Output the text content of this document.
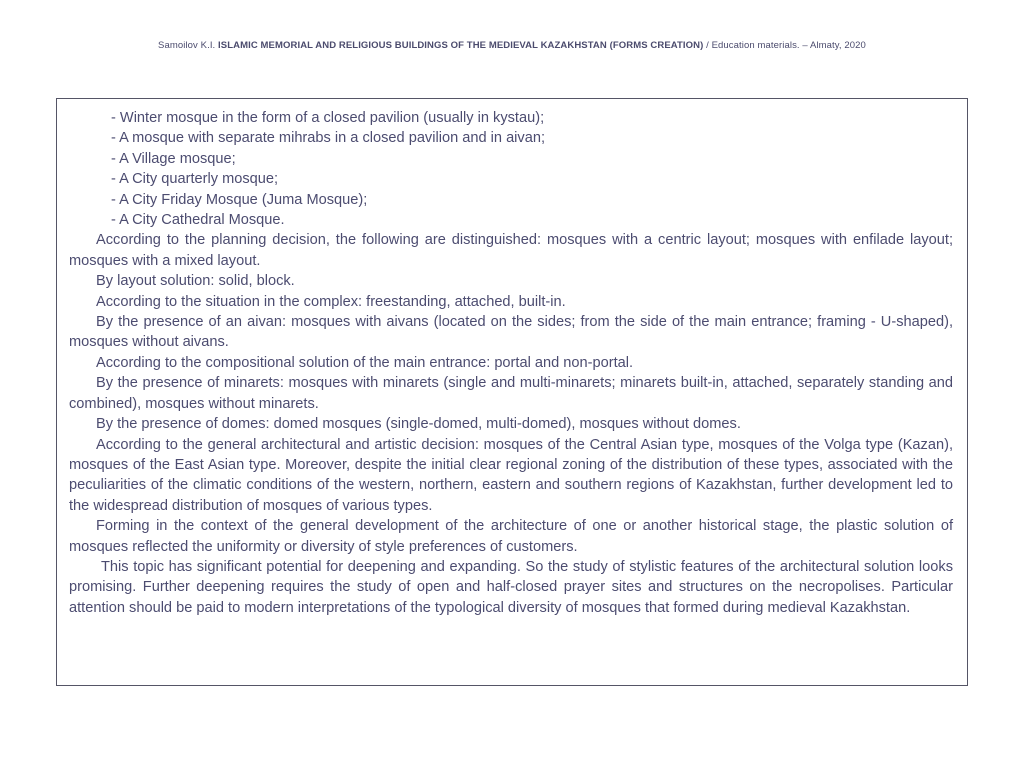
Samoilov K.I. ISLAMIC MEMORIAL AND RELIGIOUS BUILDINGS OF THE MEDIEVAL KAZAKHSTAN (FORMS CREATION) / Education materials. – Almaty, 2020

- Winter mosque in the form of a closed pavilion (usually in kystau);

- A mosque with separate mihrabs in a closed pavilion and in aivan;

- A Village mosque;

- A City quarterly mosque;

- A City Friday Mosque (Juma Mosque);

- A City Cathedral Mosque.

According to the planning decision, the following are distinguished: mosques with a centric layout; mosques with enfilade layout; mosques with a mixed layout.

By layout solution: solid, block.

According to the situation in the complex: freestanding, attached, built-in.

By the presence of an aivan: mosques with aivans (located on the sides; from the side of the main entrance; framing - U-shaped), mosques without aivans.

According to the compositional solution of the main entrance: portal and non-portal.

By the presence of minarets: mosques with minarets (single and multi-minarets; minarets built-in, attached, separately standing and combined), mosques without minarets.

By the presence of domes: domed mosques (single-domed, multi-domed), mosques without domes.

According to the general architectural and artistic decision: mosques of the Central Asian type, mosques of the Volga type (Kazan), mosques of the East Asian type. Moreover, despite the initial clear regional zoning of the distribution of these types, associated with the peculiarities of the climatic conditions of the western, northern, eastern and southern regions of Kazakhstan, further development led to the widespread distribution of mosques of various types.

Forming in the context of the general development of the architecture of one or another historical stage, the plastic solution of mosques reflected the uniformity or diversity of style preferences of customers.

This topic has significant potential for deepening and expanding. So the study of stylistic features of the architectural solution looks promising. Further deepening requires the study of open and half-closed prayer sites and structures on the necropolises. Particular attention should be paid to modern interpretations of the typological diversity of mosques that formed during medieval Kazakhstan.
